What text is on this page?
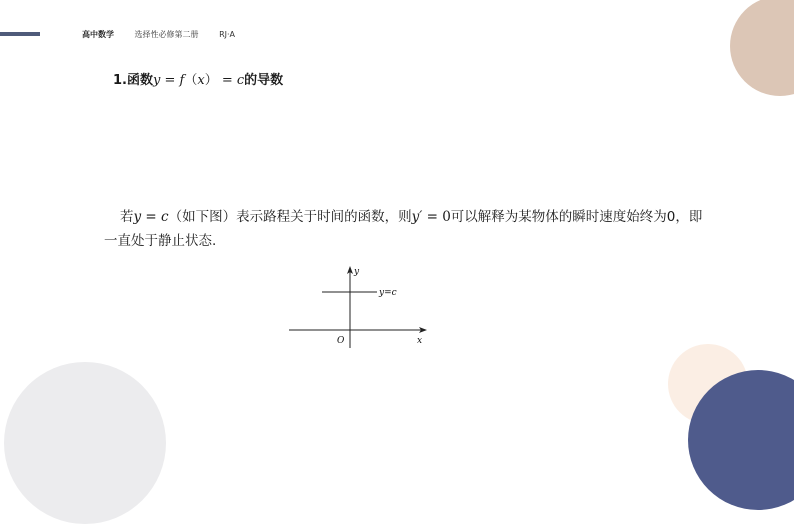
高中数学	选择性必修第二册	RJ·A
1.函数y = f（x） = c的导数
若y = c（如下图）表示路程关于时间的函数，则y′ = 0可以解释为某物体的瞬时速度始终为0，即一直处于静止状态.
y
x
O
y=c
